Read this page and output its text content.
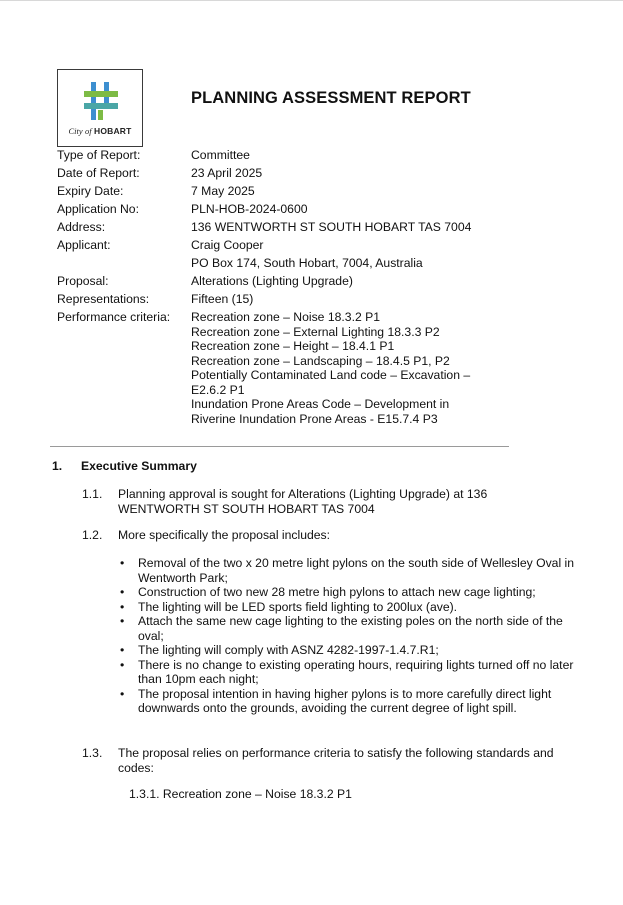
City of HOBART
PLANNING ASSESSMENT REPORT
Type of Report:	Committee
Date of Report:	23 April 2025
Expiry Date:	7 May 2025
Application No:	PLN-HOB-2024-0600
Address:	136 WENTWORTH ST SOUTH HOBART TAS 7004
Applicant:	Craig Cooper
PO Box 174, South Hobart, 7004, Australia
Proposal:	Alterations (Lighting Upgrade)
Representations:	Fifteen (15)
Performance criteria:	Recreation zone – Noise 18.3.2 P1
Recreation zone – External Lighting 18.3.3 P2
Recreation zone – Height – 18.4.1 P1
Recreation zone – Landscaping – 18.4.5 P1, P2
Potentially Contaminated Land code – Excavation –
E2.6.2 P1
Inundation Prone Areas Code – Development in
Riverine Inundation Prone Areas - E15.7.4 P3
1. Executive Summary
1.1. Planning approval is sought for Alterations (Lighting Upgrade) at 136
WENTWORTH ST SOUTH HOBART TAS 7004
1.2. More specifically the proposal includes:
• Removal of the two x 20 metre light pylons on the south side of Wellesley Oval in Wentworth Park;
• Construction of two new 28 metre high pylons to attach new cage lighting;
• The lighting will be LED sports field lighting to 200lux (ave).
• Attach the same new cage lighting to the existing poles on the north side of the oval;
• The lighting will comply with ASNZ 4282-1997-1.4.7.R1;
• There is no change to existing operating hours, requiring lights turned off no later than 10pm each night;
• The proposal intention in having higher pylons is to more carefully direct light downwards onto the grounds, avoiding the current degree of light spill.
1.3. The proposal relies on performance criteria to satisfy the following standards and
codes:
1.3.1. Recreation zone – Noise 18.3.2 P1
